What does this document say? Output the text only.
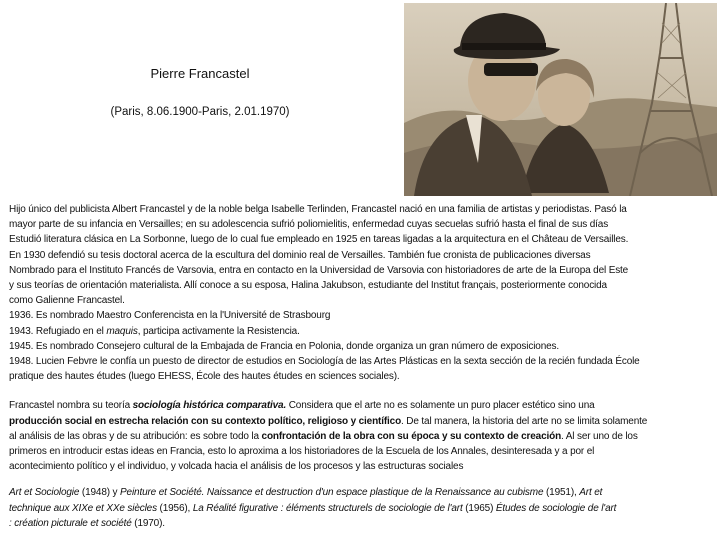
Pierre Francastel
(Paris, 8.06.1900-Paris, 2.01.1970)

Hijo único del publicista Albert Francastel y de la noble belga Isabelle Terlinden, Francastel nació en una familia de artistas y periodistas. Pasó la

mayor parte de su infancia en Versailles; en su adolescencia sufrió poliomielitis, enfermedad cuyas secuelas sufrió hasta el final de sus días

Estudió literatura clásica en La Sorbonne, luego de lo cual fue empleado en 1925 en tareas ligadas a la arquitectura en el Château de Versailles.

En 1930 defendió su tesis doctoral acerca de la escultura del dominio real de Versailles. También fue cronista de publicaciones diversas

Nombrado para el Instituto Francés de Varsovia, entra en contacto en la Universidad de Varsovia con historiadores de arte de la Europa del Este

y sus teorías de orientación materialista. Allí conoce a su esposa, Halina Jakubson, estudiante del Institut français, posteriormente conocida

como Galienne Francastel.

1936. Es nombrado Maestro Conferencista en la l'Université de Strasbourg

1943. Refugiado en el maquis, participa activamente la Resistencia.

1945. Es nombrado Consejero cultural de la Embajada de Francia en Polonia, donde organiza un gran número de exposiciones.

1948. Lucien Febvre le confía un puesto de director de estudios en Sociología de las Artes Plásticas en la sexta sección de la recién fundada École

pratique des hautes études (luego EHESS, École des hautes études en sciences sociales).

Francastel nombra su teoría sociología histórica comparativa. Considera que el arte no es solamente un puro placer estético sino una
producción social en estrecha relación con su contexto político, religioso y científico. De tal manera, la historia del arte no se limita solamente
al análisis de las obras y de su atribución: es sobre todo la confrontación de la obra con su época y su contexto de creación. Al ser uno de los
primeros en introducir estas ideas en Francia, esto lo aproxima a los historiadores de la Escuela de los Annales, desinteresada y a por el
acontecimiento político y el individuo, y volcada hacia el análisis de los procesos y las estructuras sociales

Art et Sociologie (1948) y Peinture et Société. Naissance et destruction d'un espace plastique de la Renaissance au cubisme (1951), Art et
technique aux XIXe et XXe siècles (1956), La Réalité figurative : éléments structurels de sociologie de l'art (1965) Études de sociologie de l'art
: création picturale et société (1970).
